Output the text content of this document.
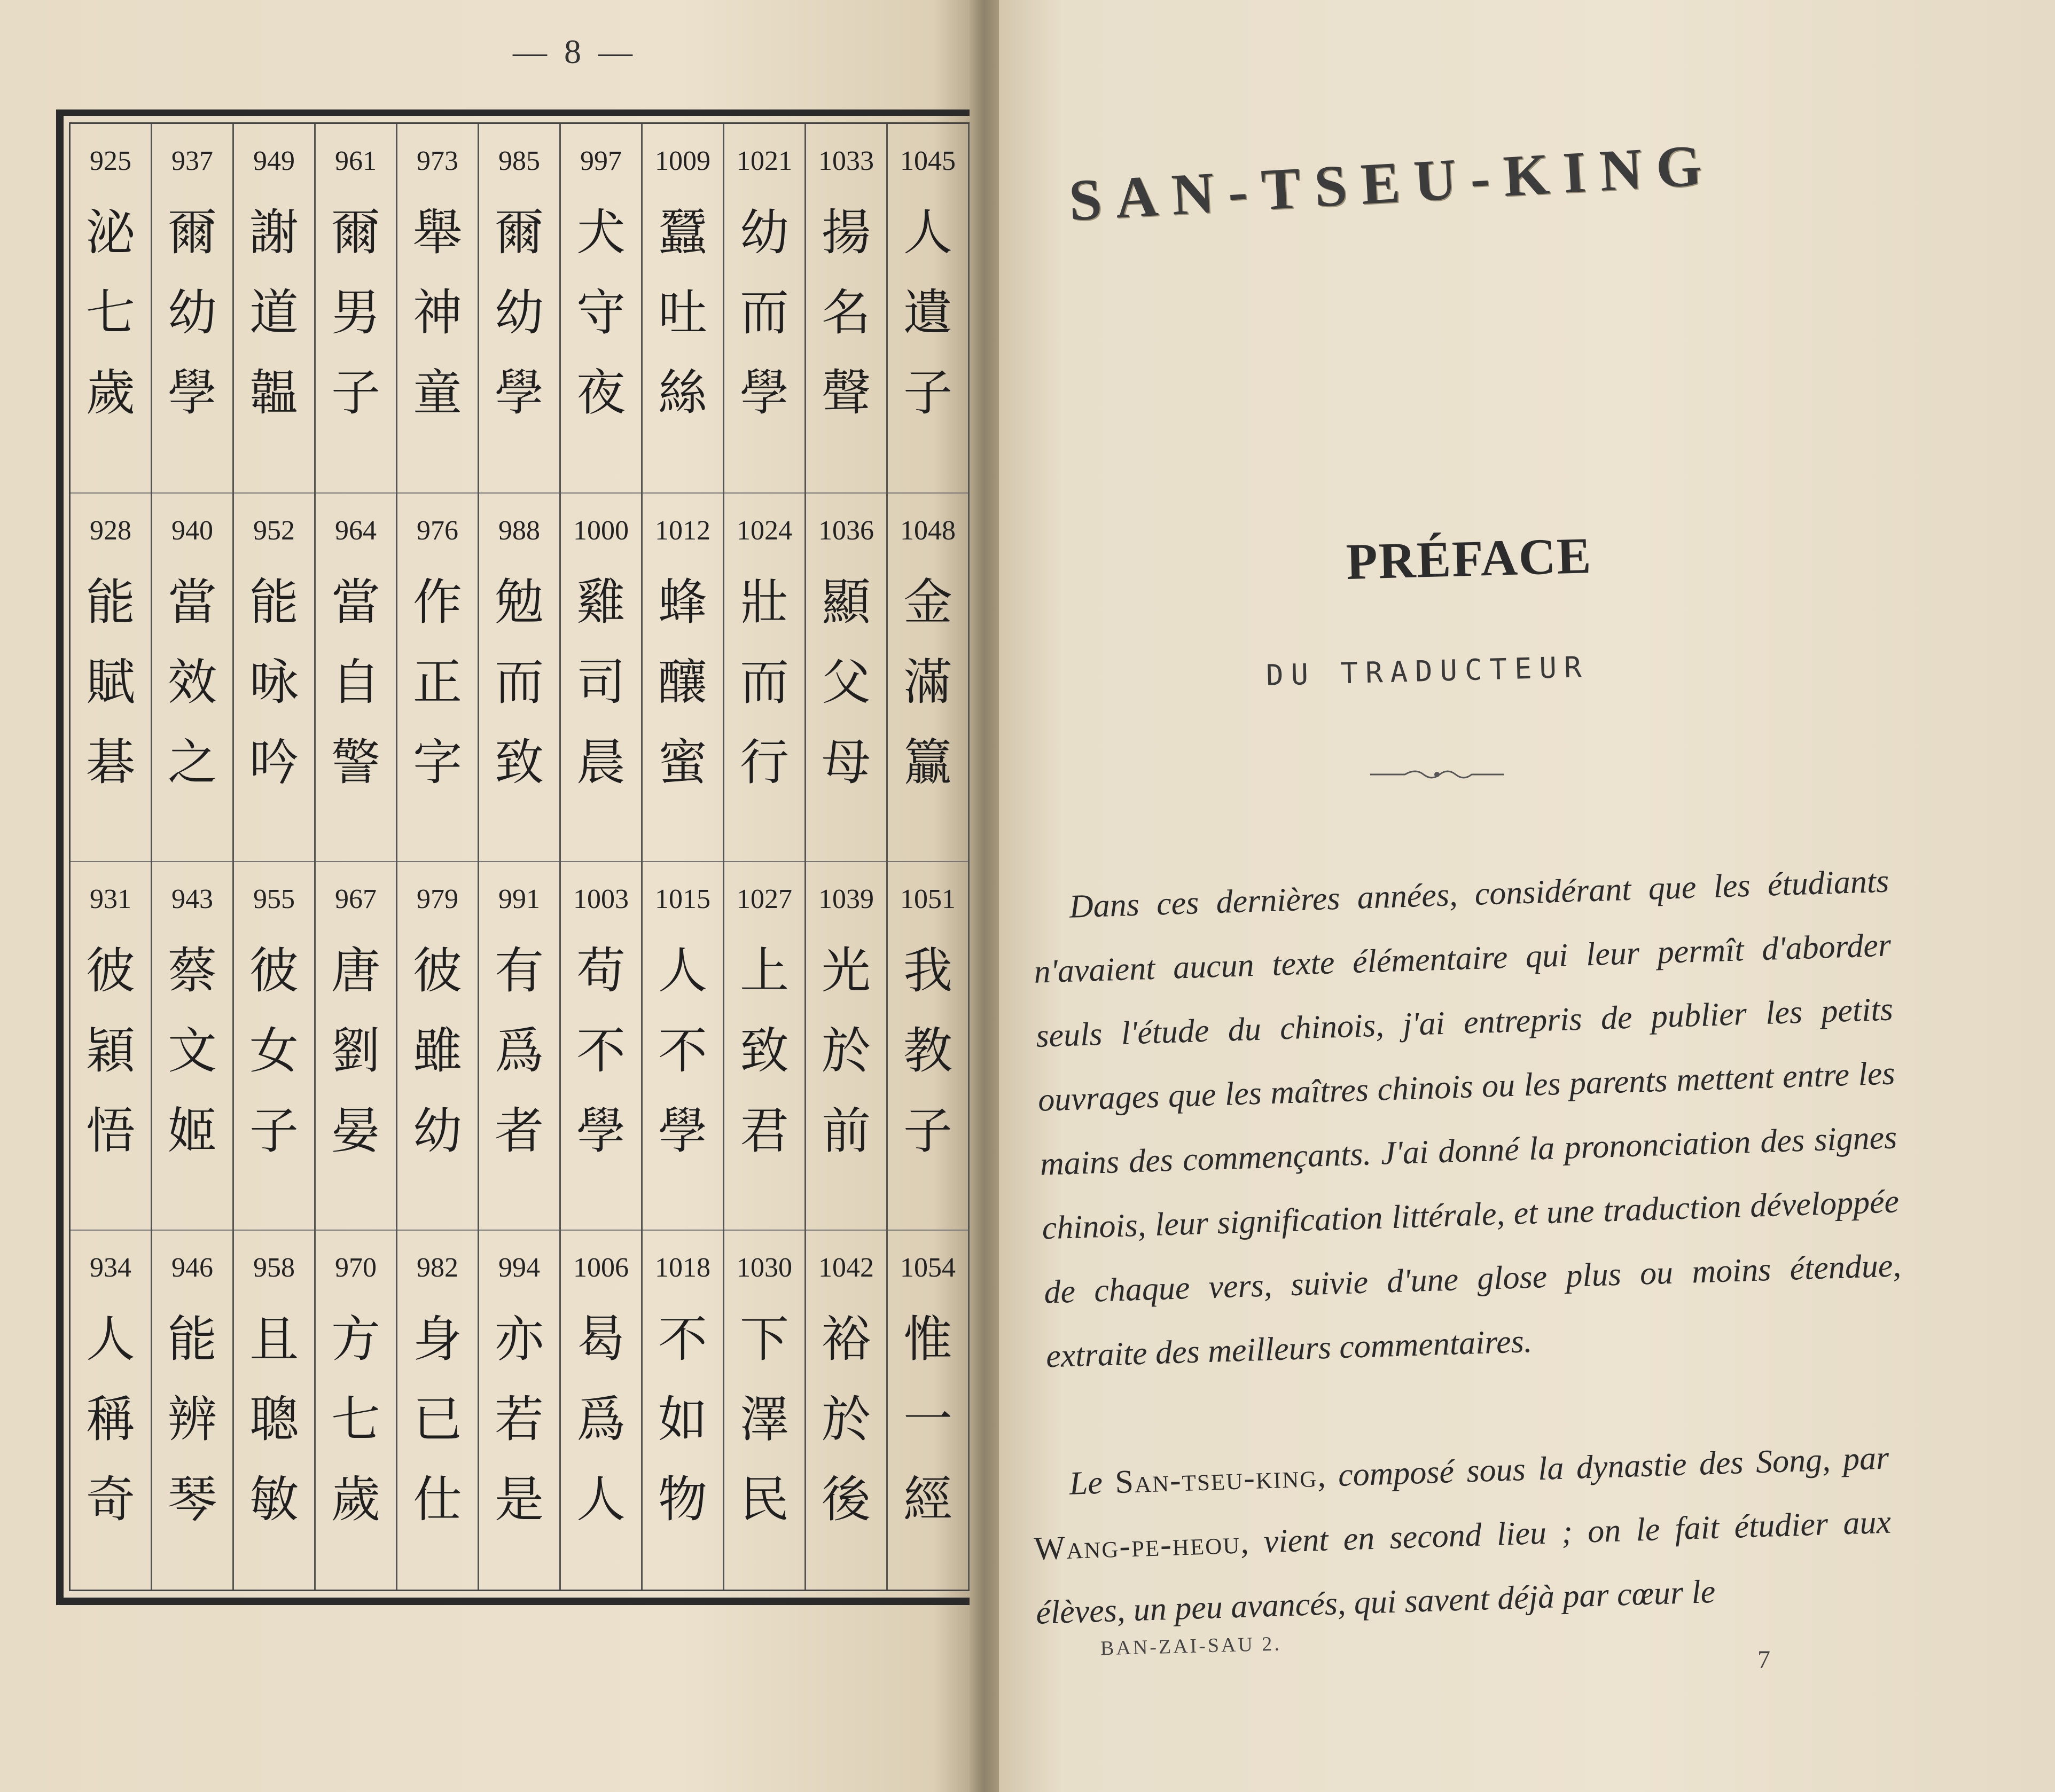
— 8 —
925
泌七歲
928
能賦碁
931
彼穎悟
934
人稱奇
937
爾幼學
940
當效之
943
蔡文姬
946
能辨琴
949
謝道韞
952
能咏吟
955
彼女子
958
且聰敏
961
爾男子
964
當自警
967
唐劉晏
970
方七歲
973
舉神童
976
作正字
979
彼雖幼
982
身已仕
985
爾幼學
988
勉而致
991
有爲者
994
亦若是
997
犬守夜
1000
雞司晨
1003
苟不學
1006
曷爲人
1009
蠶吐絲
1012
蜂釀蜜
1015
人不學
1018
不如物
1021
幼而學
1024
壯而行
1027
上致君
1030
下澤民
1033
揚名聲
1036
顯父母
1039
光於前
1042
裕於後
1045
人遺子
1048
金滿籯
1051
我教子
1054
惟一經
SAN-TSEU-KING
PRÉFACE
DU TRADUCTEUR
Dans ces dernières années, considérant que les étudiants n'avaient aucun texte élémentaire qui leur permît d'aborder seuls l'étude du chinois, j'ai entrepris de publier les petits ouvrages que les maîtres chinois ou les parents mettent entre les mains des commençants. J'ai donné la prononciation des signes chinois, leur signification littérale, et une traduction développée de chaque vers, suivie d'une glose plus ou moins étendue, extraite des meilleurs commentaires.
Le San-tseu-king, composé sous la dynastie des Song, par Wang-pe-heou, vient en second lieu ; on le fait étudier aux élèves, un peu avancés, qui savent déjà par cœur le
BAN-ZAI-SAU 2.	7
